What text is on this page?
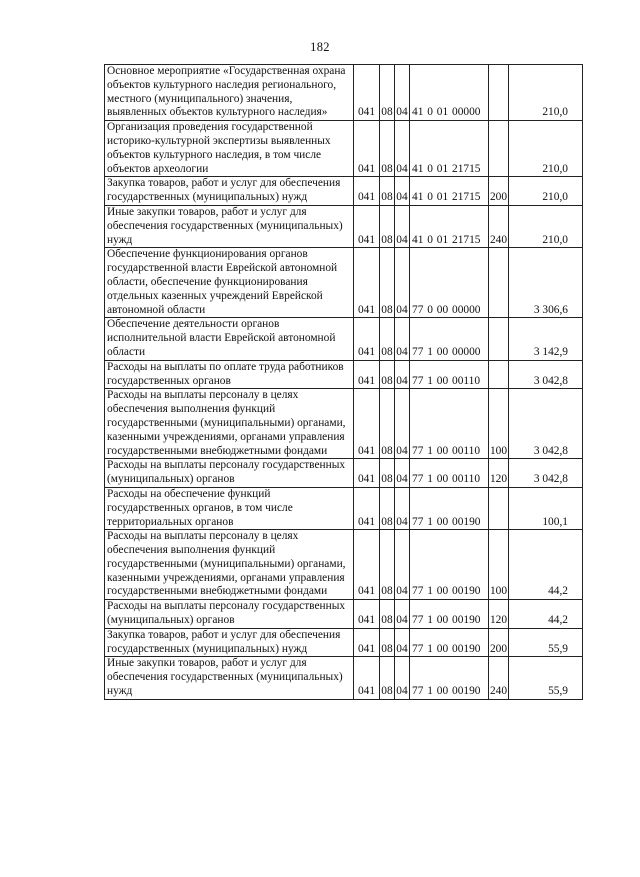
182
Основное мероприятие «Государственная охрана объектов культурного наследия регионального, местного (муниципального) значения, выявленных объектов культурного наследия»	041	08	04	41 0 01 00000		210,0
Организация проведения государственной историко-культурной экспертизы выявленных объектов культурного наследия, в том числе объектов археологии	041	08	04	41 0 01 21715		210,0
Закупка товаров, работ и услуг для обеспечения государственных (муниципальных) нужд	041	08	04	41 0 01 21715	200	210,0
Иные закупки товаров, работ и услуг для обеспечения государственных (муниципальных) нужд	041	08	04	41 0 01 21715	240	210,0
Обеспечение функционирования органов государственной власти Еврейской автономной области, обеспечение функционирования отдельных казенных учреждений Еврейской автономной области	041	08	04	77 0 00 00000		3 306,6
Обеспечение деятельности органов исполнительной власти Еврейской автономной области	041	08	04	77 1 00 00000		3 142,9
Расходы на выплаты по оплате труда работников государственных органов	041	08	04	77 1 00 00110		3 042,8
Расходы на выплаты персоналу в целях обеспечения выполнения функций государственными (муниципальными) органами, казенными учреждениями, органами управления государственными внебюджетными фондами	041	08	04	77 1 00 00110	100	3 042,8
Расходы на выплаты персоналу государственных (муниципальных) органов	041	08	04	77 1 00 00110	120	3 042,8
Расходы на обеспечение функций государственных органов, в том числе территориальных органов	041	08	04	77 1 00 00190		100,1
Расходы на выплаты персоналу в целях обеспечения выполнения функций государственными (муниципальными) органами, казенными учреждениями, органами управления государственными внебюджетными фондами	041	08	04	77 1 00 00190	100	44,2
Расходы на выплаты персоналу государственных (муниципальных) органов	041	08	04	77 1 00 00190	120	44,2
Закупка товаров, работ и услуг для обеспечения государственных (муниципальных) нужд	041	08	04	77 1 00 00190	200	55,9
Иные закупки товаров, работ и услуг для обеспечения государственных (муниципальных) нужд	041	08	04	77 1 00 00190	240	55,9
